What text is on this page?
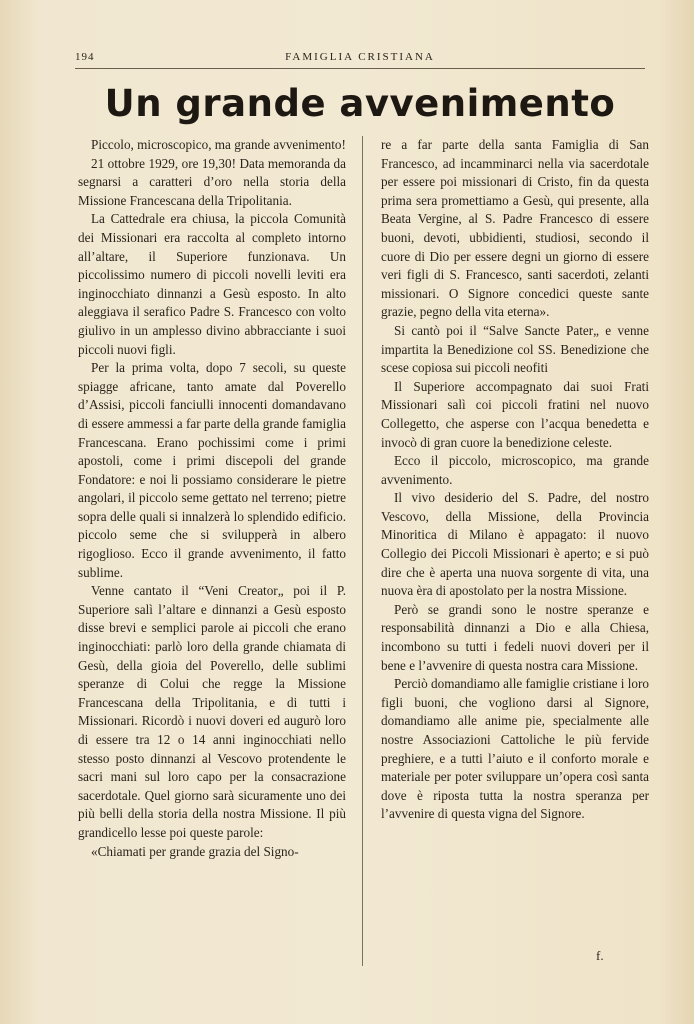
194	FAMIGLIA CRISTIANA
Un grande avvenimento

Piccolo, microscopico, ma grande avvenimento!

21 ottobre 1929, ore 19,30! Data memoranda da segnarsi a caratteri d’oro nella storia della Missione Francescana della Tripolitania.

La Cattedrale era chiusa, la piccola Comunità dei Missionari era raccolta al completo intorno all’altare, il Superiore funzionava. Un piccolissimo numero di piccoli novelli leviti era inginocchiato dinnanzi a Gesù esposto. In alto aleggiava il serafico Padre S. Francesco con volto giulivo in un amplesso divino abbracciante i suoi piccoli nuovi figli.

Per la prima volta, dopo 7 secoli, su queste spiagge africane, tanto amate dal Poverello d’Assisi, piccoli fanciulli innocenti domandavano di essere ammessi a far parte della grande famiglia Francescana. Erano pochissimi come i primi apostoli, come i primi discepoli del grande Fondatore: e noi li possiamo considerare le pietre angolari, il piccolo seme gettato nel terreno; pietre sopra delle quali si innalzerà lo splendido edificio. piccolo seme che si svilupperà in albero rigoglioso. Ecco il grande avvenimento, il fatto sublime.

Venne cantato il “Veni Creator„ poi il P. Superiore salì l’altare e dinnanzi a Gesù esposto disse brevi e semplici parole ai piccoli che erano inginocchiati: parlò loro della grande chiamata di Gesù, della gioia del Poverello, delle sublimi speranze di Colui che regge la Missione Francescana della Tripolitania, e di tutti i Missionari. Ricordò i nuovi doveri ed augurò loro di essere tra 12 o 14 anni inginocchiati nello stesso posto dinnanzi al Vescovo protendente le sacri mani sul loro capo per la consacrazione sacerdotale. Quel giorno sarà sicuramente uno dei più belli della storia della nostra Missione. Il più grandicello lesse poi queste parole:

«Chiamati per grande grazia del Signo-

re a far parte della santa Famiglia di San Francesco, ad incamminarci nella via sacerdotale per essere poi missionari di Cristo, fin da questa prima sera promettiamo a Gesù, qui presente, alla Beata Vergine, al S. Padre Francesco di essere buoni, devoti, ubbidienti, studiosi, secondo il cuore di Dio per essere degni un giorno di essere veri figli di S. Francesco, santi sacerdoti, zelanti missionari. O Signore concedici queste sante grazie, pegno della vita eterna».

Si cantò poi il “Salve Sancte Pater„ e venne impartita la Benedizione col SS. Benedizione che scese copiosa sui piccoli neofiti

Il Superiore accompagnato dai suoi Frati Missionari salì coi piccoli fratini nel nuovo Collegetto, che asperse con l’acqua benedetta e invocò di gran cuore la benedizione celeste.

Ecco il piccolo, microscopico, ma grande avvenimento.

Il vivo desiderio del S. Padre, del nostro Vescovo, della Missione, della Provincia Minoritica di Milano è appagato: il nuovo Collegio dei Piccoli Missionari è aperto; e si può dire che è aperta una nuova sorgente di vita, una nuova èra di apostolato per la nostra Missione.

Però se grandi sono le nostre speranze e responsabilità dinnanzi a Dio e alla Chiesa, incombono su tutti i fedeli nuovi doveri per il bene e l’avvenire di questa nostra cara Missione.

Perciò domandiamo alle famiglie cristiane i loro figli buoni, che vogliono darsi al Signore, domandiamo alle anime pie, specialmente alle nostre Associazioni Cattoliche le più fervide preghiere, e a tutti l’aiuto e il conforto morale e materiale per poter sviluppare un’opera così santa dove è riposta tutta la nostra speranza per l’avvenire di questa vigna del Signore.

f.
